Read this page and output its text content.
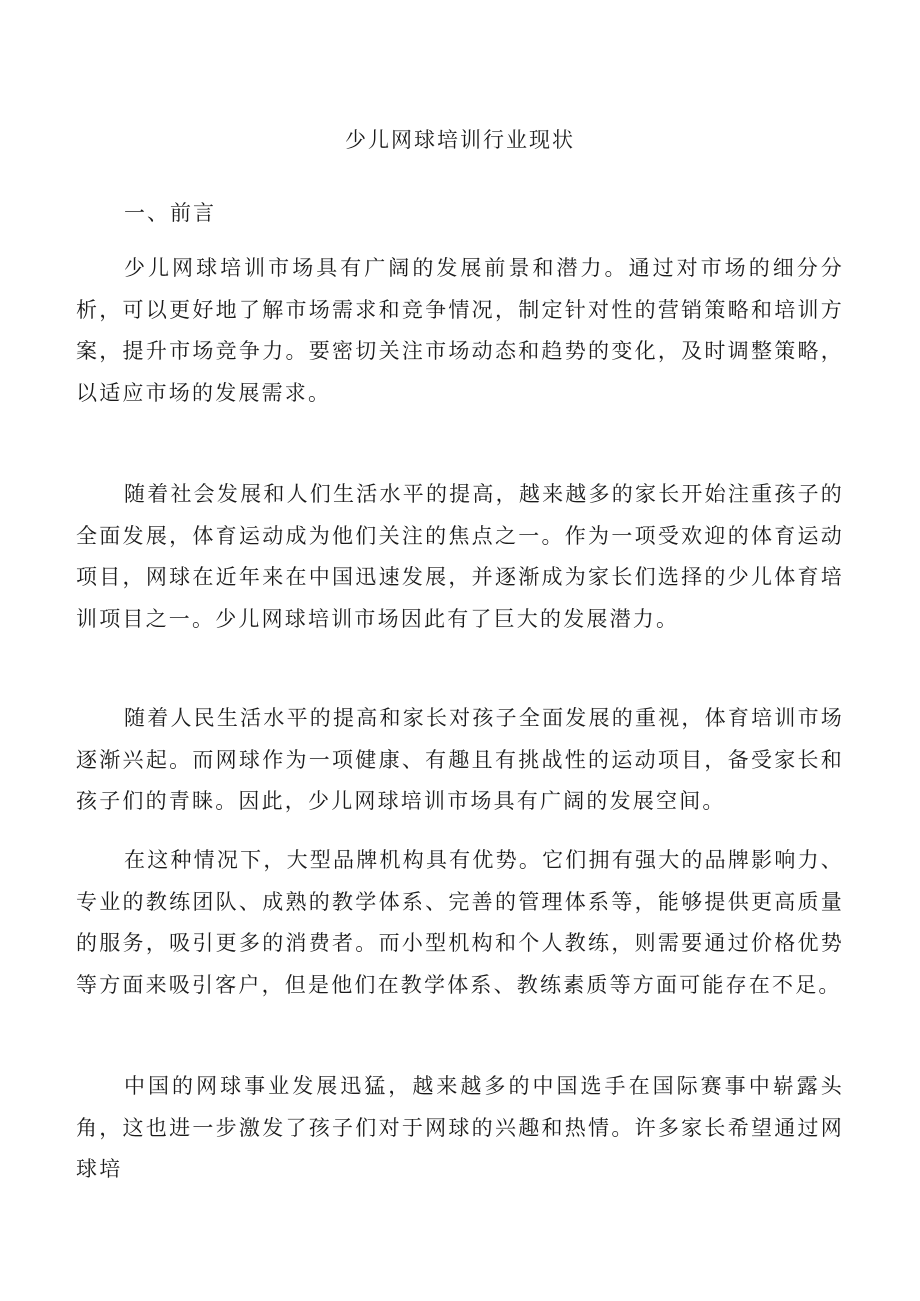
少儿网球培训行业现状
一、前言

少儿网球培训市场具有广阔的发展前景和潜力。通过对市场的细分分析，可以更好地了解市场需求和竞争情况，制定针对性的营销策略和培训方案，提升市场竞争力。要密切关注市场动态和趋势的变化，及时调整策略，以适应市场的发展需求。

随着社会发展和人们生活水平的提高，越来越多的家长开始注重孩子的全面发展，体育运动成为他们关注的焦点之一。作为一项受欢迎的体育运动项目，网球在近年来在中国迅速发展，并逐渐成为家长们选择的少儿体育培训项目之一。少儿网球培训市场因此有了巨大的发展潜力。

随着人民生活水平的提高和家长对孩子全面发展的重视，体育培训市场逐渐兴起。而网球作为一项健康、有趣且有挑战性的运动项目，备受家长和孩子们的青睐。因此，少儿网球培训市场具有广阔的发展空间。

在这种情况下，大型品牌机构具有优势。它们拥有强大的品牌影响力、专业的教练团队、成熟的教学体系、完善的管理体系等，能够提供更高质量的服务，吸引更多的消费者。而小型机构和个人教练，则需要通过价格优势等方面来吸引客户，但是他们在教学体系、教练素质等方面可能存在不足。

中国的网球事业发展迅猛，越来越多的中国选手在国际赛事中崭露头角，这也进一步激发了孩子们对于网球的兴趣和热情。许多家长希望通过网球培
